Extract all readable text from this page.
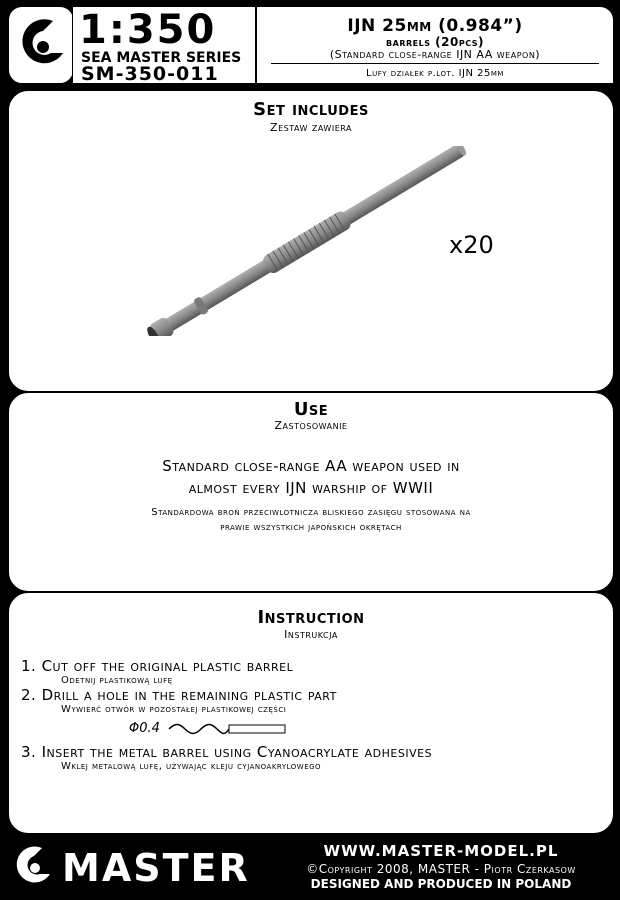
1:350
SEA MASTER SERIES
SM-350-011
IJN 25mm (0.984”)
barrels (20pcs)
(Standard close-range IJN AA weapon)
Lufy działek p.lot. IJN 25mm
Set includes
Zestaw zawiera
x20
Use
Zastosowanie
Standard close-range AA weapon used in
almost every IJN warship of WWII
Standardowa broń przeciwlotnicza bliskiego zasięgu stosowana na
prawie wszystkich japońskich okrętach
Instruction
Instrukcja
1. Cut off the original plastic barrel
Odetnij plastikową lufę
2. Drill a hole in the remaining plastic part
Wywierć otwór w pozostałej plastikowej części
Φ0.4
3. Insert the metal barrel using Cyanoacrylate adhesives
Wklej metalową lufę, używając kleju cyjanoakrylowego
MASTER	WWW.MASTER-MODEL.PL
©Copyright 2008, MASTER - Piotr Czerkasow
DESIGNED AND PRODUCED IN POLAND
